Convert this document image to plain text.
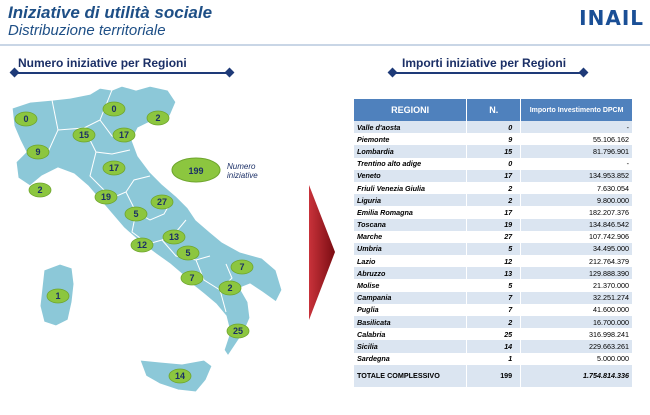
Iniziative di utilità sociale
Distribuzione territoriale
INAIL
Numero iniziative per Regioni	Importi iniziative per Regioni
199
0
0
2
15	17
9
17
2
19
5
27
12
13
5
7
7
2
1
25
14
Numero
iniziative
REGIONI	N.	Importo Investimento DPCM
Valle d'aosta	0	-
Piemonte	9	55.106.162
Lombardia	15	81.796.901
Trentino alto adige	0	-
Veneto	17	134.953.852
Friuli Venezia Giulia	2	7.630.054
Liguria	2	9.800.000
Emilia Romagna	17	182.207.376
Toscana	19	134.846.542
Marche	27	107.742.906
Umbria	5	34.495.000
Lazio	12	212.764.379
Abruzzo	13	129.888.390
Molise	5	21.370.000
Campania	7	32.251.274
Puglia	7	41.600.000
Basilicata	2	16.700.000
Calabria	25	316.998.241
Sicilia	14	229.663.261
Sardegna	1	5.000.000
TOTALE COMPLESSIVO	199	1.754.814.336
